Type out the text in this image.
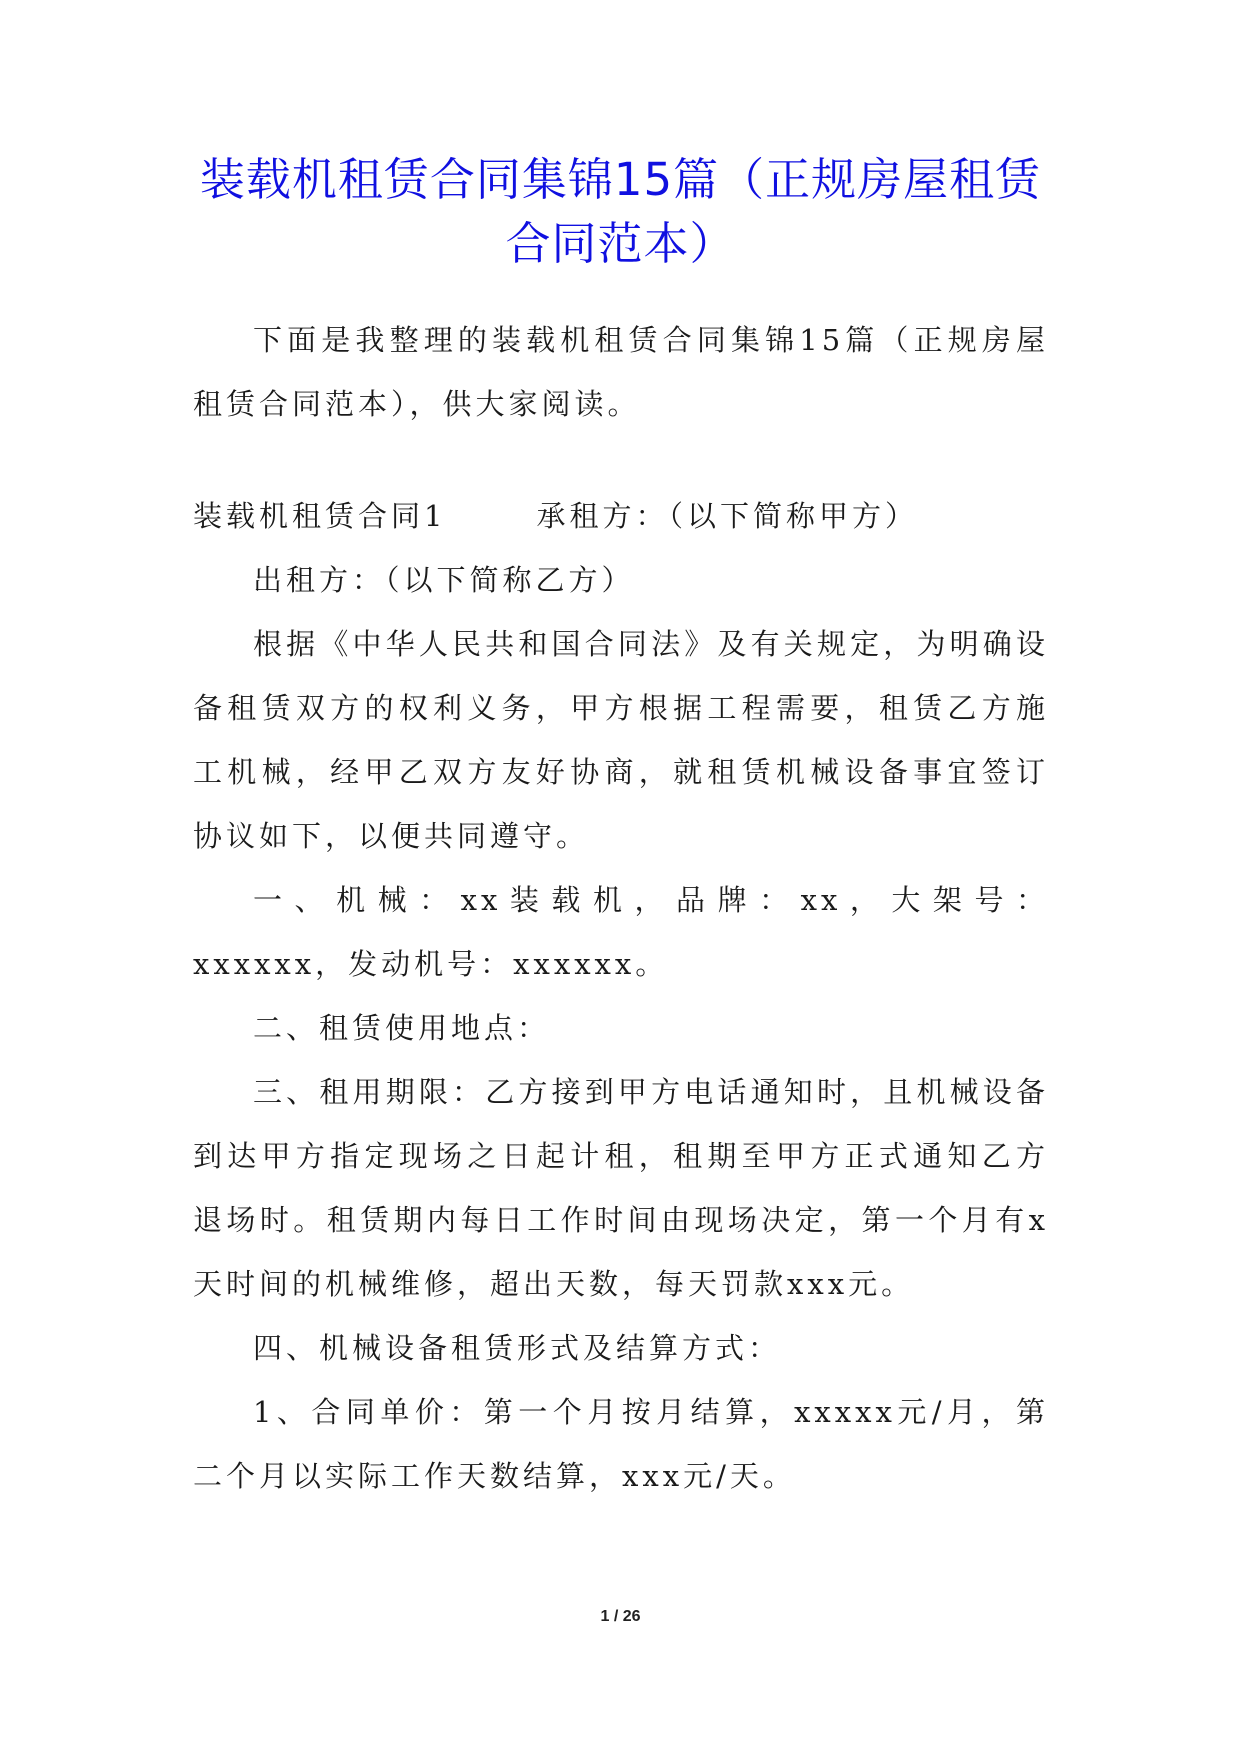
装载机租赁合同集锦15篇（正规房屋租赁
合同范本）

下面是我整理的装载机租赁合同集锦15篇（正规房屋租赁合同范本），供大家阅读。

装载机租赁合同1	承租方：（以下简称甲方）

出租方：（以下简称乙方）

根据《中华人民共和国合同法》及有关规定，为明确设备租赁双方的权利义务，甲方根据工程需要，租赁乙方施工机械，经甲乙双方友好协商，就租赁机械设备事宜签订协议如下，以便共同遵守。

一、机械：xx装载机，品牌：xx，大架号：xxxxxx，发动机号：xxxxxx。

二、租赁使用地点：

三、租用期限：乙方接到甲方电话通知时，且机械设备到达甲方指定现场之日起计租，租期至甲方正式通知乙方退场时。租赁期内每日工作时间由现场决定，第一个月有x天时间的机械维修，超出天数，每天罚款xxx元。

四、机械设备租赁形式及结算方式：

1、合同单价：第一个月按月结算，xxxxx元/月，第二个月以实际工作天数结算，xxx元/天。

1 / 26
